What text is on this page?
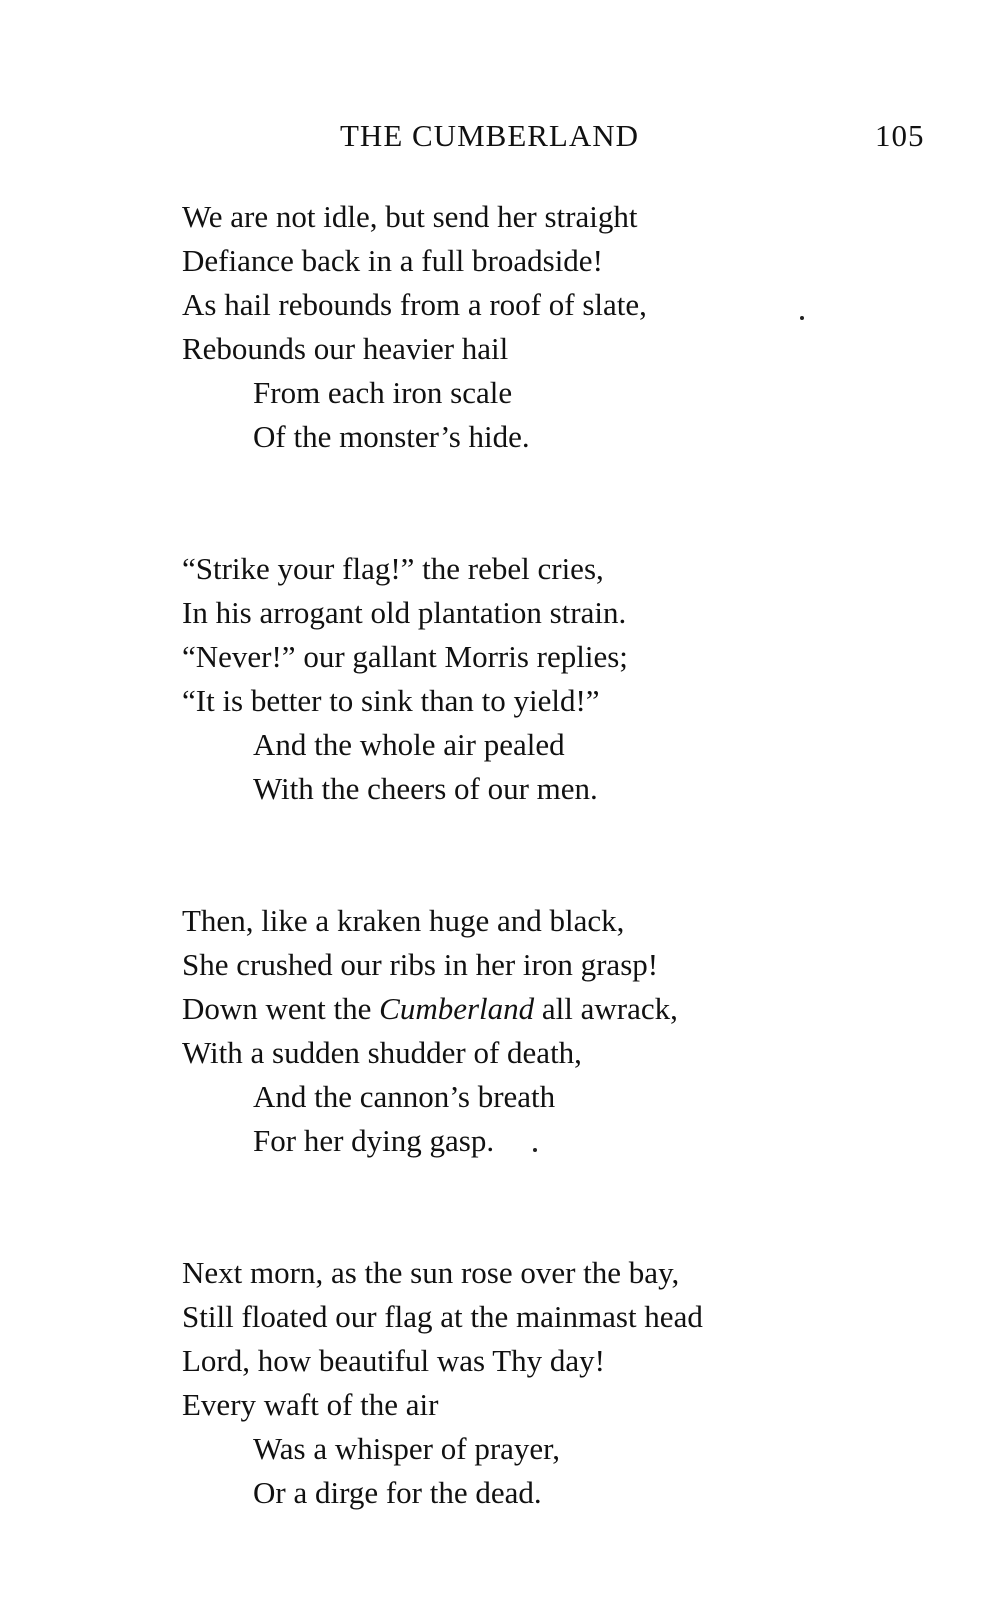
THE CUMBERLAND	105
We are not idle, but send her straight
Defiance back in a full broadside!
As hail rebounds from a roof of slate,
Rebounds our heavier hail
From each iron scale
Of the monster’s hide.
“Strike your flag!” the rebel cries,
In his arrogant old plantation strain.
“Never!” our gallant Morris replies;
“It is better to sink than to yield!”
And the whole air pealed
With the cheers of our men.
Then, like a kraken huge and black,
She crushed our ribs in her iron grasp!
Down went the Cumberland all awrack,
With a sudden shudder of death,
And the cannon’s breath
For her dying gasp.
Next morn, as the sun rose over the bay,
Still floated our flag at the mainmast head
Lord, how beautiful was Thy day!
Every waft of the air
Was a whisper of prayer,
Or a dirge for the dead.
